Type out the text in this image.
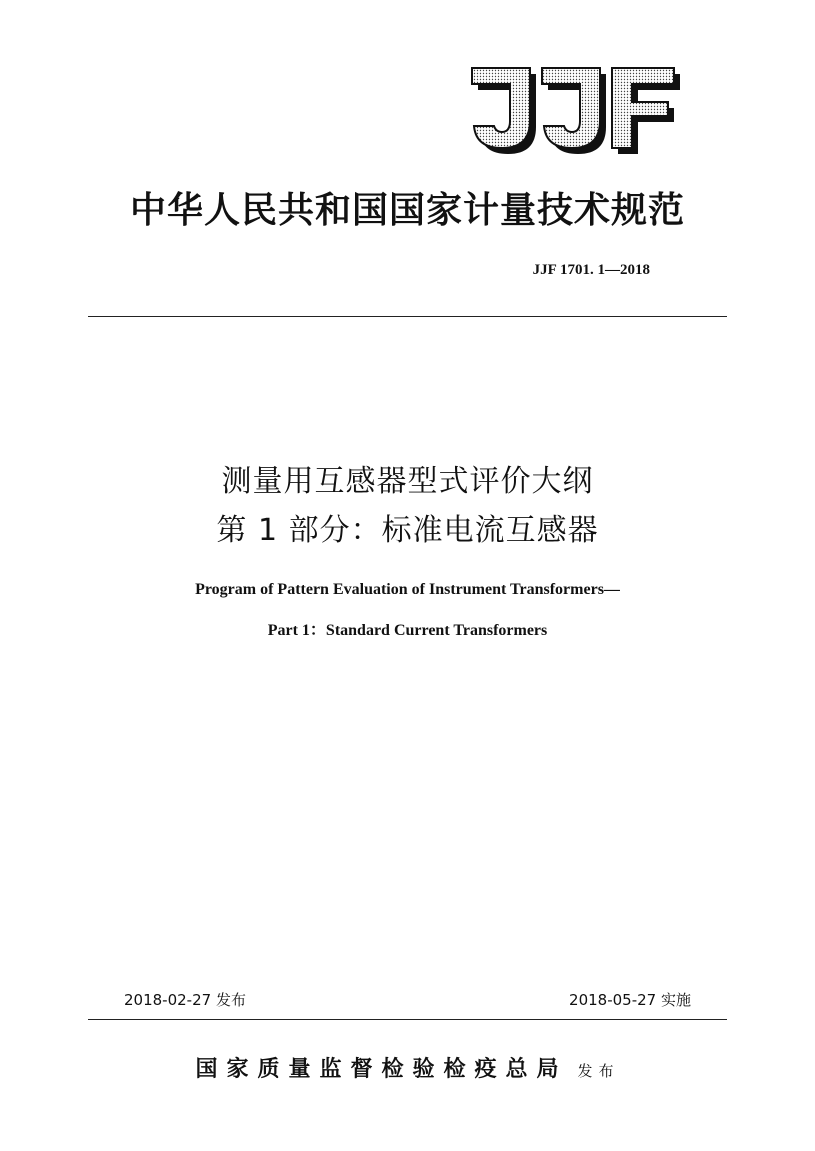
中华人民共和国国家计量技术规范
JJF 1701. 1—2018
测量用互感器型式评价大纲
第 1 部分：标准电流互感器
Program of Pattern Evaluation of Instrument Transformers—
Part 1：Standard Current Transformers
2018-02-27 发布	2018-05-27 实施
国家质量监督检验检疫总局 发布
